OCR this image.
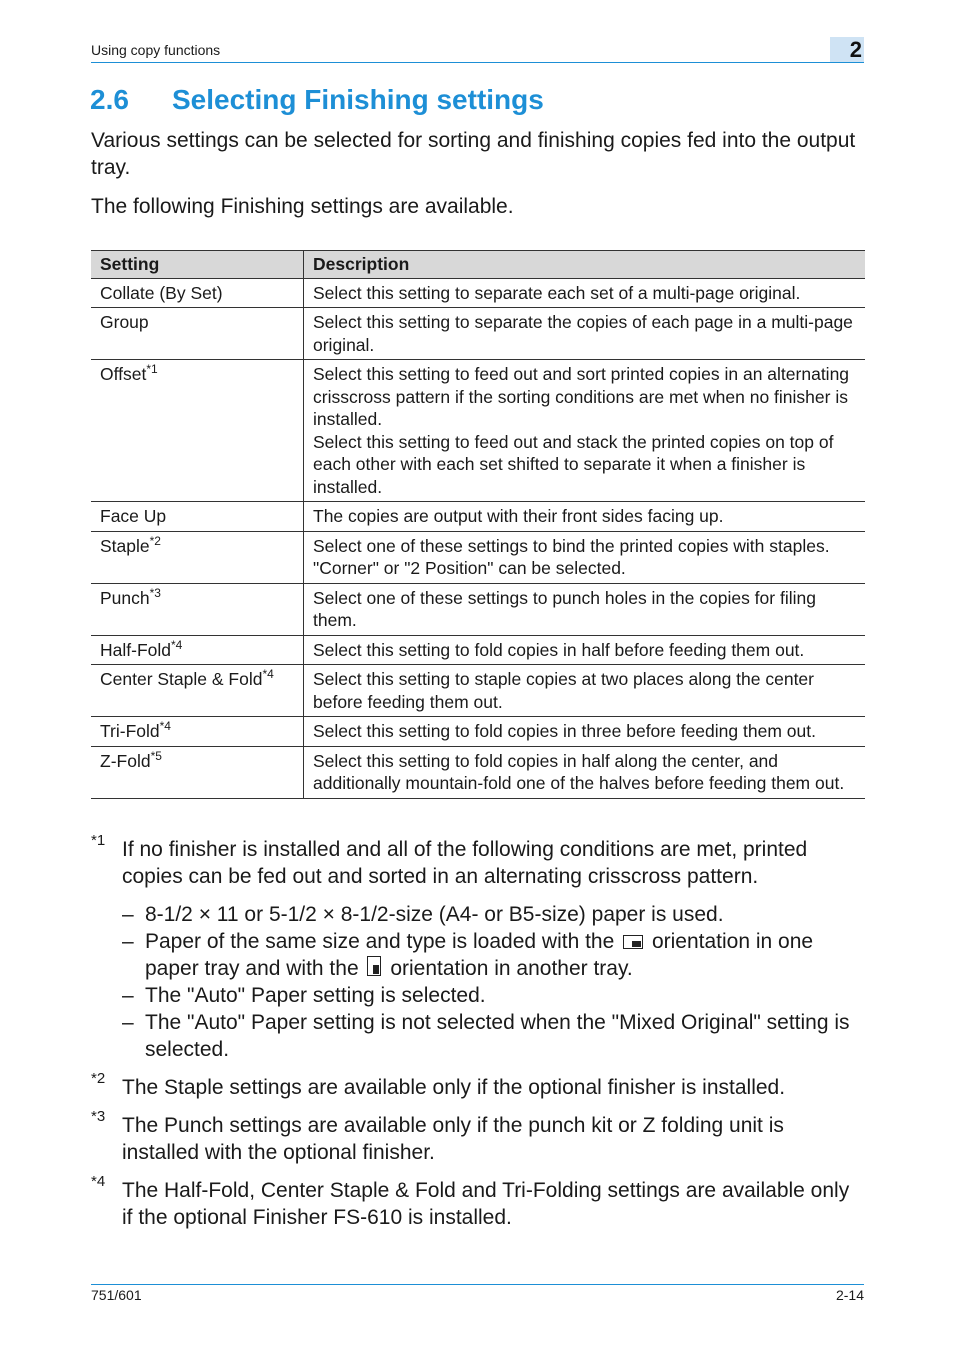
Using copy functions	2
2.6 Selecting Finishing settings

Various settings can be selected for sorting and finishing copies fed into the output tray.

The following Finishing settings are available.

Setting	Description
Collate (By Set)	Select this setting to separate each set of a multi-page original.

Group	Select this setting to separate the copies of each page in a multi-page original.

Offset$^{*1}$	Select this setting to feed out and sort printed copies in an alternating crisscross pattern if the sorting conditions are met when no finisher is installed.
Select this setting to feed out and stack the printed copies on top of each other with each set shifted to separate it when a finisher is installed.

Face Up	The copies are output with their front sides facing up.

Staple$^{*2}$	Select one of these settings to bind the printed copies with staples. "Corner" or "2 Position" can be selected.

Punch$^{*3}$	Select one of these settings to punch holes in the copies for filing them.

Half-Fold$^{*4}$	Select this setting to fold copies in half before feeding them out.

Center Staple & Fold$^{*4}$	Select this setting to staple copies at two places along the center before feeding them out.

Tri-Fold$^{*4}$	Select this setting to fold copies in three before feeding them out.

Z-Fold$^{*5}$	Select this setting to fold copies in half along the center, and additionally mountain-fold one of the halves before feeding them out.
*1 If no finisher is installed and all of the following conditions are met, printed copies can be fed out and sorted in an alternating crisscross pattern.
– 8-1/2 × 11 or 5-1/2 × 8-1/2-size (A4- or B5-size) paper is used.
– Paper of the same size and type is loaded with the orientation in one paper tray and with the orientation in another tray.
– The "Auto" Paper setting is selected.
– The "Auto" Paper setting is not selected when the "Mixed Original" setting is selected.
*2 The Staple settings are available only if the optional finisher is installed.
*3 The Punch settings are available only if the punch kit or Z folding unit is installed with the optional finisher.
*4 The Half-Fold, Center Staple & Fold and Tri-Folding settings are available only if the optional Finisher FS-610 is installed.
751/601	2-14
